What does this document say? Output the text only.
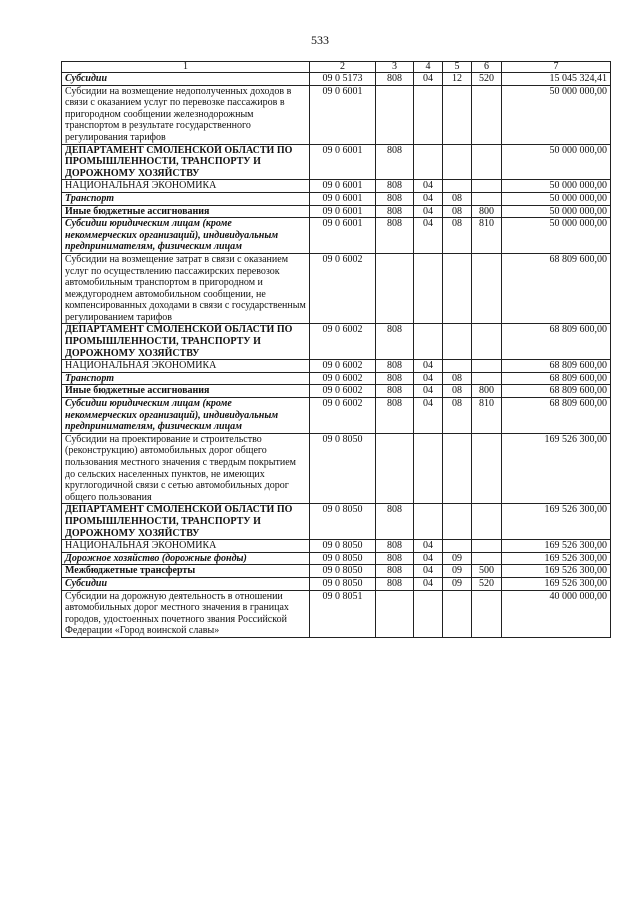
533
1	2	3	4	5	6	7
Субсидии	09 0 5173	808	04	12	520	15 045 324,41
Субсидии на возмещение недополученных доходов в связи с оказанием услуг по перевозке пассажиров в пригородном сообщении железнодорожным транспортом в результате государственного регулирования тарифов	09 0 6001					50 000 000,00
ДЕПАРТАМЕНТ СМОЛЕНСКОЙ ОБЛАСТИ ПО ПРОМЫШЛЕННОСТИ, ТРАНСПОРТУ И ДОРОЖНОМУ ХОЗЯЙСТВУ	09 0 6001	808				50 000 000,00
НАЦИОНАЛЬНАЯ ЭКОНОМИКА	09 0 6001	808	04			50 000 000,00
Транспорт	09 0 6001	808	04	08		50 000 000,00
Иные бюджетные ассигнования	09 0 6001	808	04	08	800	50 000 000,00
Субсидии юридическим лицам (кроме некоммерческих организаций), индивидуальным предпринимателям, физическим лицам	09 0 6001	808	04	08	810	50 000 000,00
Субсидии на возмещение затрат в связи с оказанием услуг по осуществлению пассажирских перевозок автомобильным транспортом в пригородном и междугороднем автомобильном сообщении, не компенсированных доходами в связи с государственным регулированием тарифов	09 0 6002					68 809 600,00
ДЕПАРТАМЕНТ СМОЛЕНСКОЙ ОБЛАСТИ ПО ПРОМЫШЛЕННОСТИ, ТРАНСПОРТУ И ДОРОЖНОМУ ХОЗЯЙСТВУ	09 0 6002	808				68 809 600,00
НАЦИОНАЛЬНАЯ ЭКОНОМИКА	09 0 6002	808	04			68 809 600,00
Транспорт	09 0 6002	808	04	08		68 809 600,00
Иные бюджетные ассигнования	09 0 6002	808	04	08	800	68 809 600,00
Субсидии юридическим лицам (кроме некоммерческих организаций), индивидуальным предпринимателям, физическим лицам	09 0 6002	808	04	08	810	68 809 600,00
Субсидии на проектирование и строительство (реконструкцию) автомобильных дорог общего пользования местного значения с твердым покрытием до сельских населенных пунктов, не имеющих круглогодичной связи с сетью автомобильных дорог общего пользования	09 0 8050					169 526 300,00
ДЕПАРТАМЕНТ СМОЛЕНСКОЙ ОБЛАСТИ ПО ПРОМЫШЛЕННОСТИ, ТРАНСПОРТУ И ДОРОЖНОМУ ХОЗЯЙСТВУ	09 0 8050	808				169 526 300,00
НАЦИОНАЛЬНАЯ ЭКОНОМИКА	09 0 8050	808	04			169 526 300,00
Дорожное хозяйство (дорожные фонды)	09 0 8050	808	04	09		169 526 300,00
Межбюджетные трансферты	09 0 8050	808	04	09	500	169 526 300,00
Субсидии	09 0 8050	808	04	09	520	169 526 300,00
Субсидии на дорожную деятельность в отношении автомобильных дорог местного значения в границах городов, удостоенных почетного звания Российской Федерации «Город воинской славы»	09 0 8051					40 000 000,00
